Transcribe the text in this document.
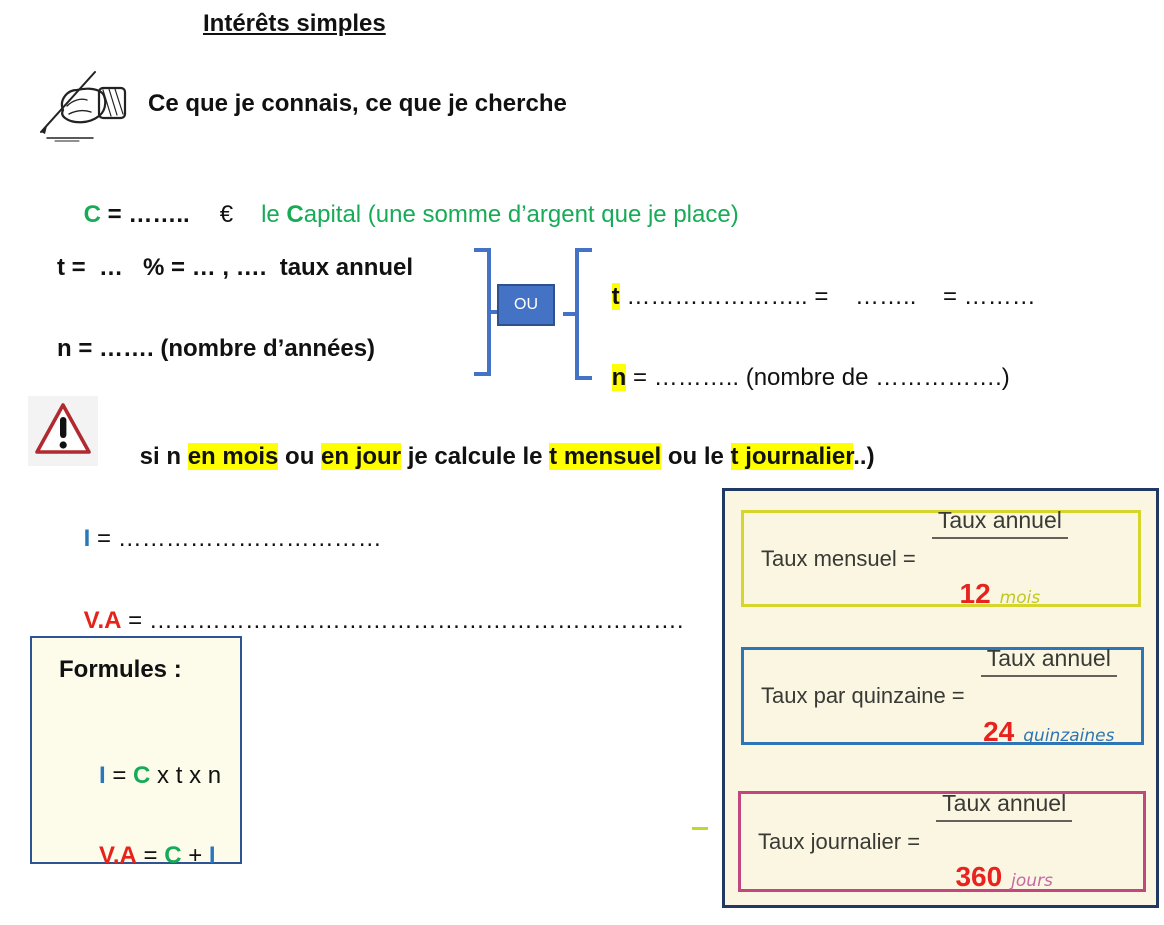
Intérêts simples
Ce que je connais, ce que je cherche

C = …….. € le Capital (une somme d’argent que je place)

t =  …   % = … , ….  taux annuel
OU	t ………………….. =    ……..    = ………

n = ……. (nombre d’années)

n = ……….. (nombre de …………….)

si n en mois ou en jour je calcule le t mensuel ou le t journalier..)

I = ……………………………

V.A = ………………………………………………………….

Formules :

I = C x t x n

V.A = C + I

Taux mensuel =

$\frac{\text{Taux annuel}}{\text{12 mois}}$

Taux par quinzaine =

$\frac{\text{Taux annuel}}{\text{24 quinzaines}}$

Taux journalier =

$\frac{\text{Taux annuel}}{\text{360 jours}}$
